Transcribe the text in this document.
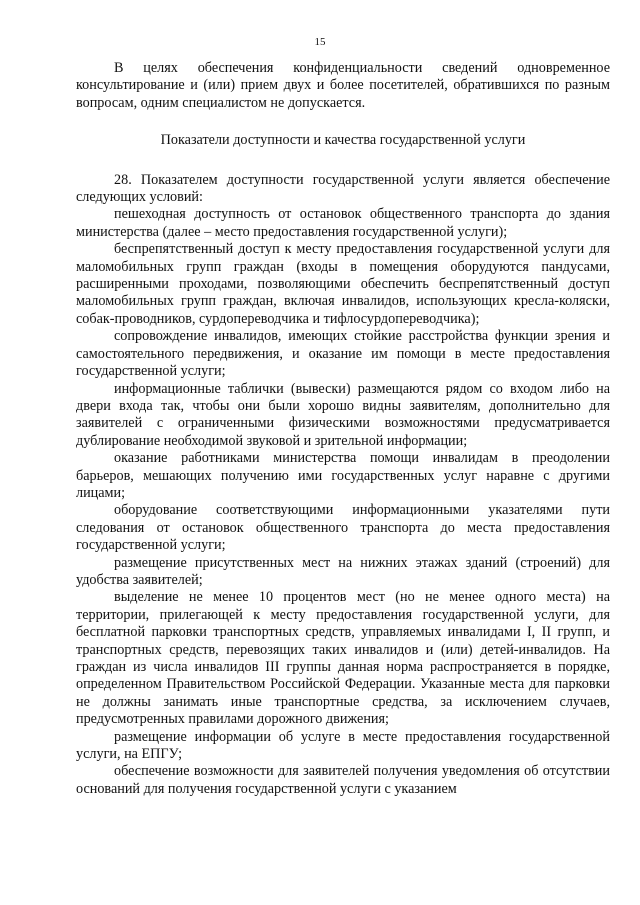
15

В целях обеспечения конфиденциальности сведений одновременное консультирование и (или) прием двух и более посетителей, обратившихся по разным вопросам, одним специалистом не допускается.

Показатели доступности и качества государственной услуги

28. Показателем доступности государственной услуги является обеспечение следующих условий:

пешеходная доступность от остановок общественного транспорта до здания министерства (далее – место предоставления государственной услуги);

беспрепятственный доступ к месту предоставления государственной услуги для маломобильных групп граждан (входы в помещения оборудуются пандусами, расширенными проходами, позволяющими обеспечить беспрепятственный доступ маломобильных групп граждан, включая инвалидов, использующих кресла-коляски, собак-проводников, сурдопереводчика и тифлосурдопереводчика);

сопровождение инвалидов, имеющих стойкие расстройства функции зрения и самостоятельного передвижения, и оказание им помощи в месте предоставления государственной услуги;

информационные таблички (вывески) размещаются рядом со входом либо на двери входа так, чтобы они были хорошо видны заявителям, дополнительно для заявителей с ограниченными физическими возможностями предусматривается дублирование необходимой звуковой и зрительной информации;

оказание работниками министерства помощи инвалидам в преодолении барьеров, мешающих получению ими государственных услуг наравне с другими лицами;

оборудование соответствующими информационными указателями пути следования от остановок общественного транспорта до места предоставления государственной услуги;

размещение присутственных мест на нижних этажах зданий (строений) для удобства заявителей;

выделение не менее 10 процентов мест (но не менее одного места) на территории, прилегающей к месту предоставления государственной услуги, для бесплатной парковки транспортных средств, управляемых инвалидами I, II групп, и транспортных средств, перевозящих таких инвалидов и (или) детей-инвалидов. На граждан из числа инвалидов III группы данная норма распространяется в порядке, определенном Правительством Российской Федерации. Указанные места для парковки не должны занимать иные транспортные средства, за исключением случаев, предусмотренных правилами дорожного движения;

размещение информации об услуге в месте предоставления государственной услуги, на ЕПГУ;

обеспечение возможности для заявителей получения уведомления об отсутствии оснований для получения государственной услуги с указанием
